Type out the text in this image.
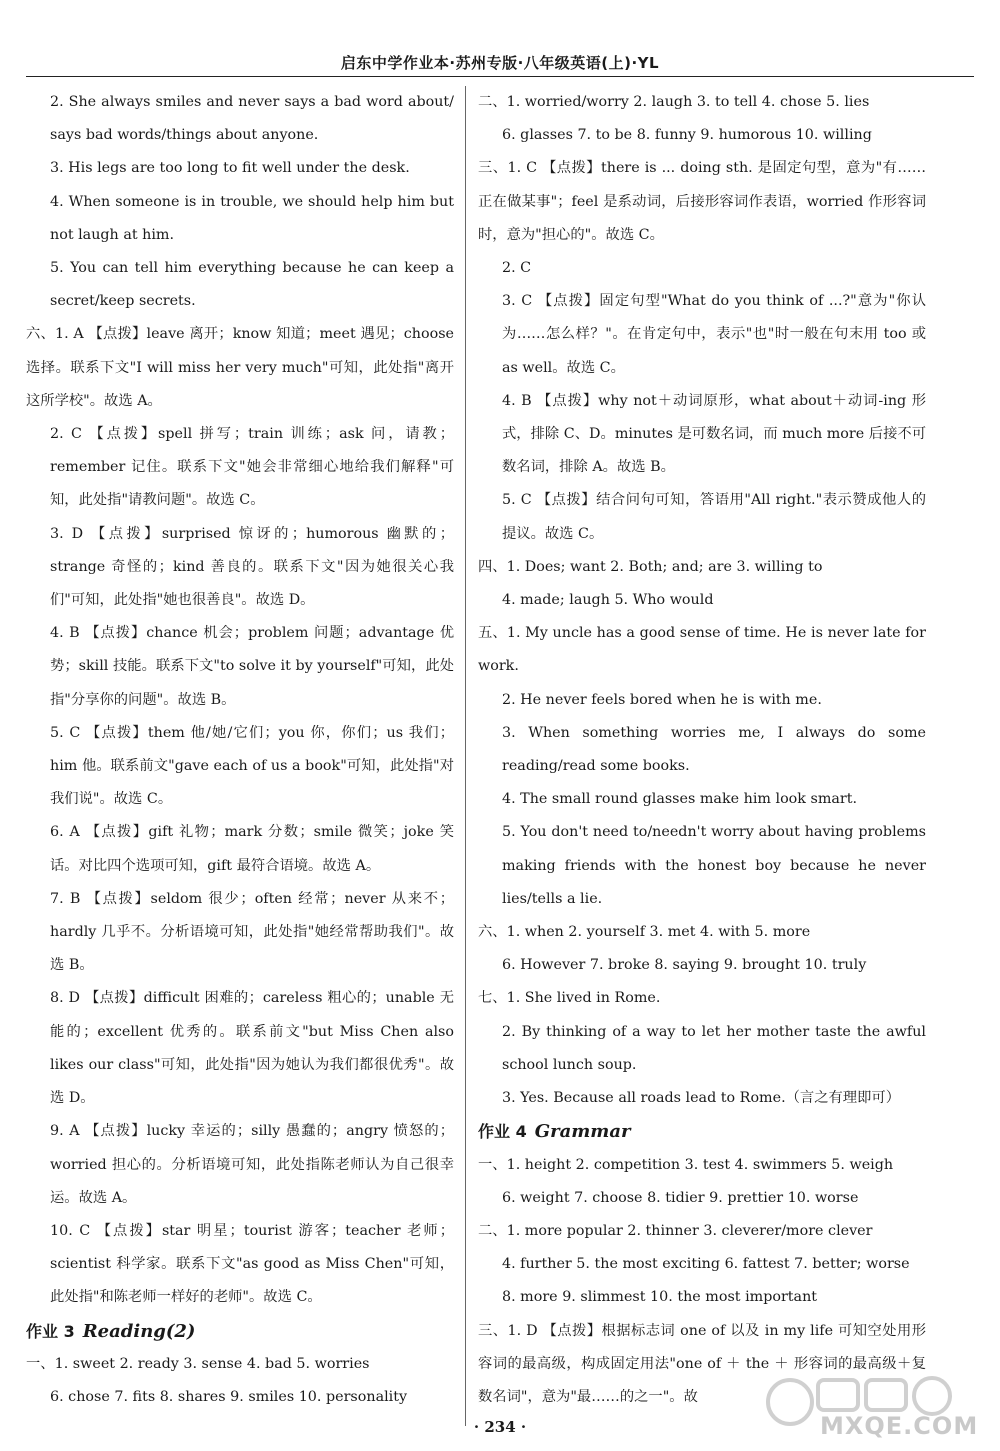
启东中学作业本·苏州专版·八年级英语(上)·YL
2. She always smiles and never says a bad word about/ says bad words/things about anyone.
3. His legs are too long to fit well under the desk.
4. When someone is in trouble, we should help him but not laugh at him.
5. You can tell him everything because he can keep a secret/keep secrets.
六、1. A 【点拨】leave 离开；know 知道；meet 遇见；choose 选择。联系下文"I will miss her very much"可知，此处指"离开这所学校"。故选 A。
2. C 【点拨】spell 拼写；train 训练；ask 问，请教；remember 记住。联系下文"她会非常细心地给我们解释"可知，此处指"请教问题"。故选 C。
3. D 【点拨】surprised 惊讶的；humorous 幽默的；strange 奇怪的；kind 善良的。联系下文"因为她很关心我们"可知，此处指"她也很善良"。故选 D。
4. B 【点拨】chance 机会；problem 问题；advantage 优势；skill 技能。联系下文"to solve it by yourself"可知，此处指"分享你的问题"。故选 B。
5. C 【点拨】them 他/她/它们；you 你，你们；us 我们；him 他。联系前文"gave each of us a book"可知，此处指"对我们说"。故选 C。
6. A 【点拨】gift 礼物；mark 分数；smile 微笑；joke 笑话。对比四个选项可知，gift 最符合语境。故选 A。
7. B 【点拨】seldom 很少；often 经常；never 从来不；hardly 几乎不。分析语境可知，此处指"她经常帮助我们"。故选 B。
8. D 【点拨】difficult 困难的；careless 粗心的；unable 无能的；excellent 优秀的。联系前文"but Miss Chen also likes our class"可知，此处指"因为她认为我们都很优秀"。故选 D。
9. A 【点拨】lucky 幸运的；silly 愚蠢的；angry 愤怒的；worried 担心的。分析语境可知，此处指陈老师认为自己很幸运。故选 A。
10. C 【点拨】star 明星；tourist 游客；teacher 老师；scientist 科学家。联系下文"as good as Miss Chen"可知，此处指"和陈老师一样好的老师"。故选 C。
作业 3 Reading(2)
一、1. sweet 2. ready 3. sense 4. bad 5. worries
6. chose 7. fits 8. shares 9. smiles 10. personality
二、1. worried/worry 2. laugh 3. to tell 4. chose 5. lies
6. glasses 7. to be 8. funny 9. humorous 10. willing
三、1. C 【点拨】there is ... doing sth. 是固定句型，意为"有……正在做某事"；feel 是系动词，后接形容词作表语，worried 作形容词时，意为"担心的"。故选 C。
2. C
3. C 【点拨】固定句型"What do you think of ...?"意为"你认为……怎么样？"。在肯定句中，表示"也"时一般在句末用 too 或 as well。故选 C。
4. B 【点拨】why not＋动词原形，what about＋动词-ing 形式，排除 C、D。minutes 是可数名词，而 much more 后接不可数名词，排除 A。故选 B。
5. C 【点拨】结合问句可知，答语用"All right."表示赞成他人的提议。故选 C。
四、1. Does; want 2. Both; and; are 3. willing to
4. made; laugh 5. Who would
五、1. My uncle has a good sense of time. He is never late for work.
2. He never feels bored when he is with me.
3. When something worries me, I always do some reading/read some books.
4. The small round glasses make him look smart.
5. You don't need to/needn't worry about having problems making friends with the honest boy because he never lies/tells a lie.
六、1. when 2. yourself 3. met 4. with 5. more
6. However 7. broke 8. saying 9. brought 10. truly
七、1. She lived in Rome.
2. By thinking of a way to let her mother taste the awful school lunch soup.
3. Yes. Because all roads lead to Rome.（言之有理即可）
作业 4 Grammar
一、1. height 2. competition 3. test 4. swimmers 5. weigh
6. weight 7. choose 8. tidier 9. prettier 10. worse
二、1. more popular 2. thinner 3. cleverer/more clever
4. further 5. the most exciting 6. fattest 7. better; worse
8. more 9. slimmest 10. the most important
三、1. D 【点拨】根据标志词 one of 以及 in my life 可知空处用形容词的最高级，构成固定用法"one of ＋ the ＋ 形容词的最高级＋复数名词"，意为"最……的之一"。故
· 234 ·	MXQE.COM
